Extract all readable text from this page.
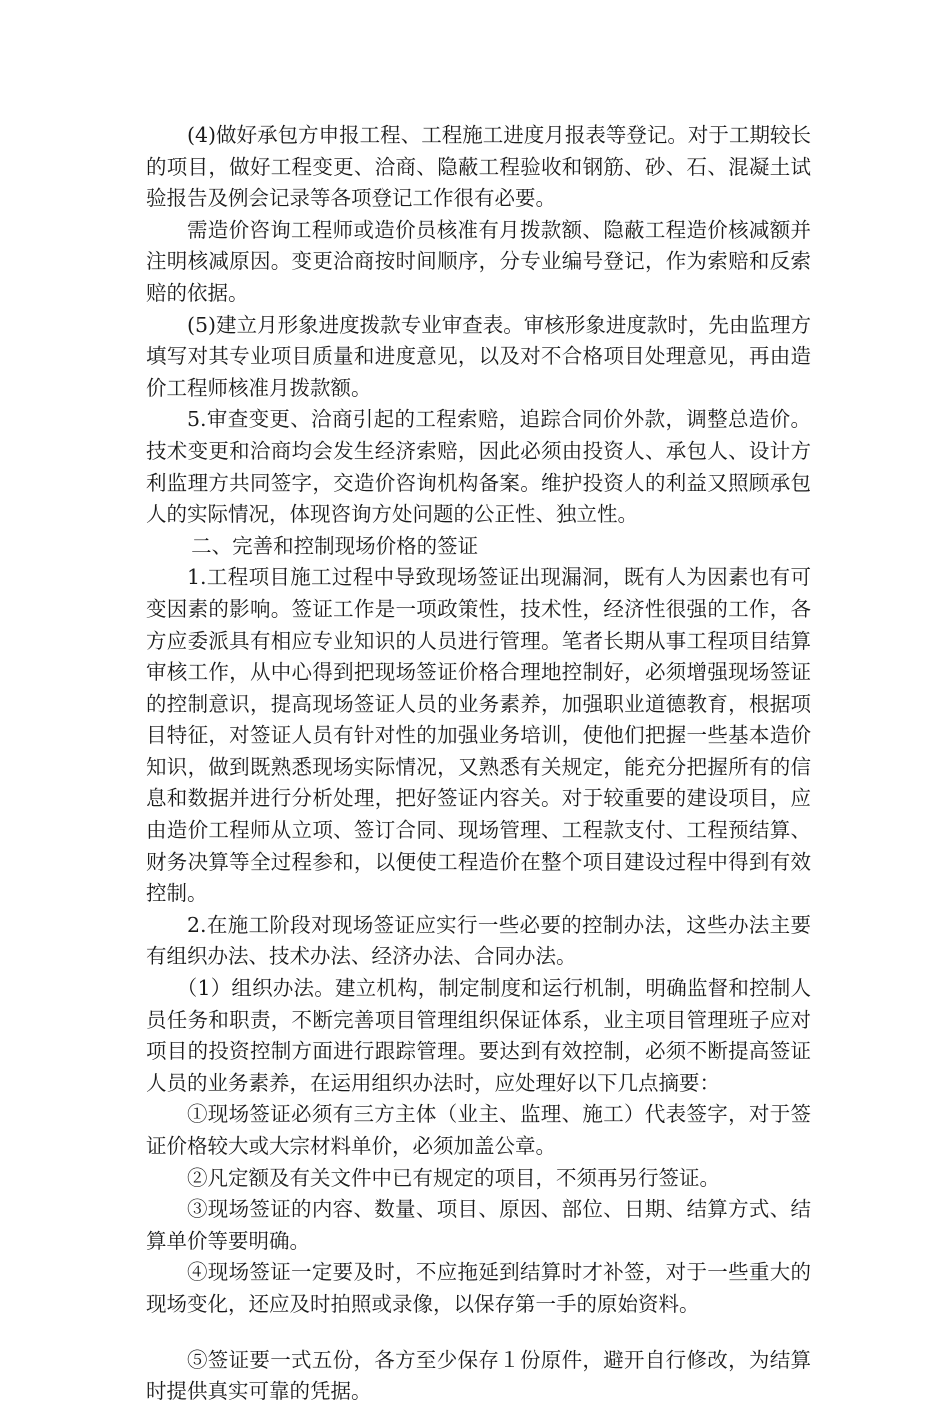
(4)做好承包方申报工程、工程施工进度月报表等登记。对于工期较长的项目，做好工程变更、洽商、隐蔽工程验收和钢筋、砂、石、混凝土试验报告及例会记录等各项登记工作很有必要。

需造价咨询工程师或造价员核准有月拨款额、隐蔽工程造价核减额并注明核减原因。变更洽商按时间顺序，分专业编号登记，作为索赔和反索赔的依据。

(5)建立月形象进度拨款专业审查表。审核形象进度款时，先由监理方填写对其专业项目质量和进度意见，以及对不合格项目处理意见，再由造价工程师核准月拨款额。

5.审查变更、洽商引起的工程索赔，追踪合同价外款，调整总造价。技术变更和洽商均会发生经济索赔，因此必须由投资人、承包人、设计方利监理方共同签字，交造价咨询机构备案。维护投资人的利益又照顾承包人的实际情况，体现咨询方处问题的公正性、独立性。

二、完善和控制现场价格的签证

1.工程项目施工过程中导致现场签证出现漏洞，既有人为因素也有可变因素的影响。签证工作是一项政策性，技术性，经济性很强的工作，各方应委派具有相应专业知识的人员进行管理。笔者长期从事工程项目结算审核工作，从中心得到把现场签证价格合理地控制好，必须增强现场签证的控制意识，提高现场签证人员的业务素养，加强职业道德教育，根据项目特征，对签证人员有针对性的加强业务培训，使他们把握一些基本造价知识，做到既熟悉现场实际情况，又熟悉有关规定，能充分把握所有的信息和数据并进行分析处理，把好签证内容关。对于较重要的建设项目，应由造价工程师从立项、签订合同、现场管理、工程款支付、工程预结算、财务决算等全过程参和，以便使工程造价在整个项目建设过程中得到有效控制。

2.在施工阶段对现场签证应实行一些必要的控制办法，这些办法主要有组织办法、技术办法、经济办法、合同办法。

（1）组织办法。建立机构，制定制度和运行机制，明确监督和控制人员任务和职责，不断完善项目管理组织保证体系，业主项目管理班子应对项目的投资控制方面进行跟踪管理。要达到有效控制，必须不断提高签证人员的业务素养，在运用组织办法时，应处理好以下几点摘要：

①现场签证必须有三方主体（业主、监理、施工）代表签字，对于签证价格较大或大宗材料单价，必须加盖公章。

②凡定额及有关文件中已有规定的项目，不须再另行签证。

③现场签证的内容、数量、项目、原因、部位、日期、结算方式、结算单价等要明确。

④现场签证一定要及时，不应拖延到结算时才补签，对于一些重大的现场变化，还应及时拍照或录像，以保存第一手的原始资料。

⑤签证要一式五份，各方至少保存１份原件，避开自行修改，为结算时提供真实可靠的凭据。
